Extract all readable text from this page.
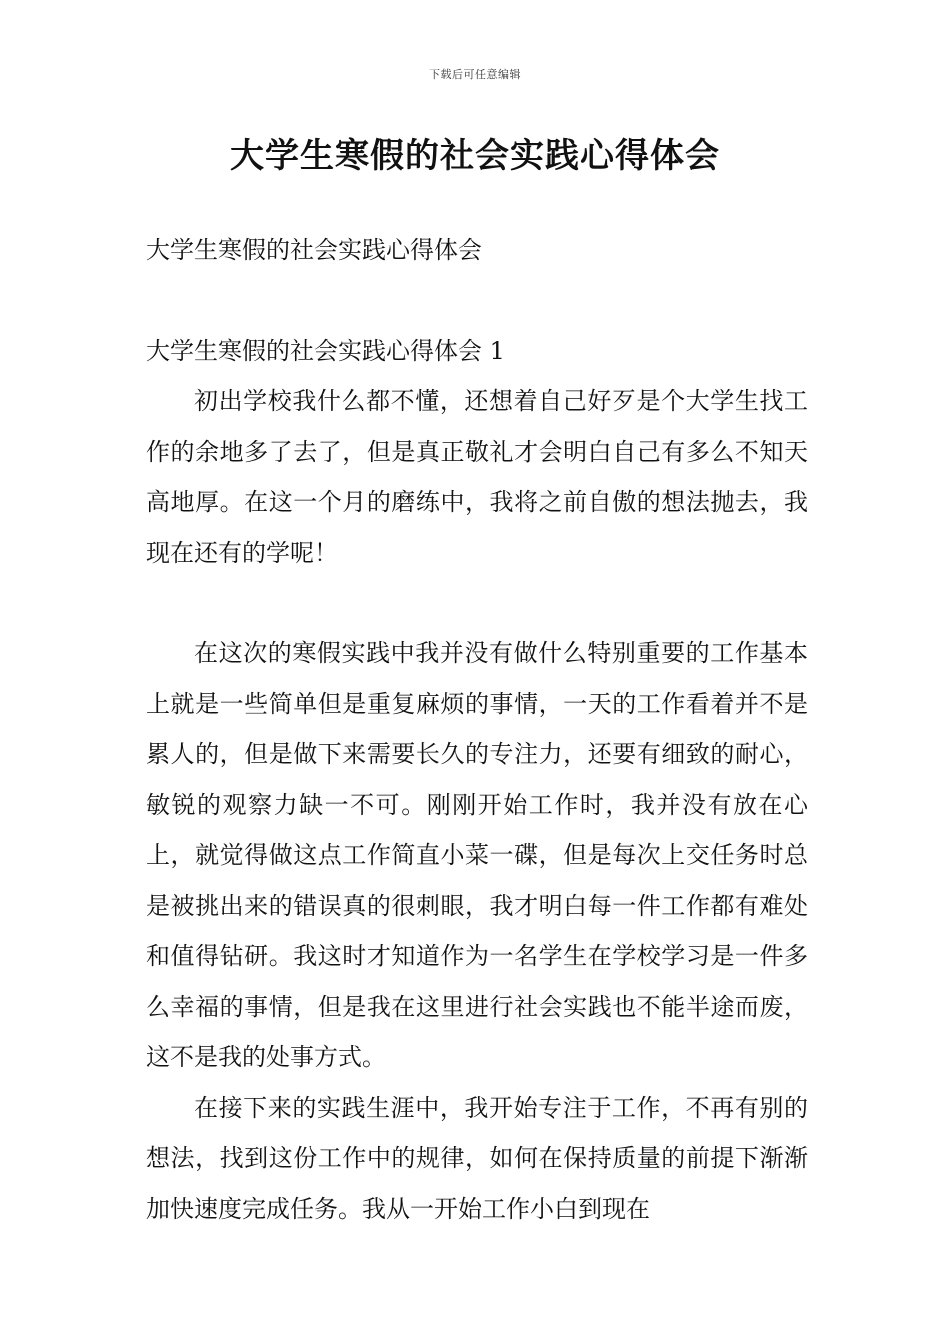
下载后可任意编辑
大学生寒假的社会实践心得体会
大学生寒假的社会实践心得体会
大学生寒假的社会实践心得体会 1

初出学校我什么都不懂，还想着自己好歹是个大学生找工作的余地多了去了，但是真正敬礼才会明白自己有多么不知天高地厚。在这一个月的磨练中，我将之前自傲的想法抛去，我现在还有的学呢！

在这次的寒假实践中我并没有做什么特别重要的工作基本上就是一些简单但是重复麻烦的事情，一天的工作看着并不是累人的，但是做下来需要长久的专注力，还要有细致的耐心，敏锐的观察力缺一不可。刚刚开始工作时，我并没有放在心上，就觉得做这点工作简直小菜一碟，但是每次上交任务时总是被挑出来的错误真的很刺眼，我才明白每一件工作都有难处和值得钻研。我这时才知道作为一名学生在学校学习是一件多么幸福的事情，但是我在这里进行社会实践也不能半途而废，这不是我的处事方式。

在接下来的实践生涯中，我开始专注于工作，不再有别的想法，找到这份工作中的规律，如何在保持质量的前提下渐渐加快速度完成任务。我从一开始工作小白到现在
